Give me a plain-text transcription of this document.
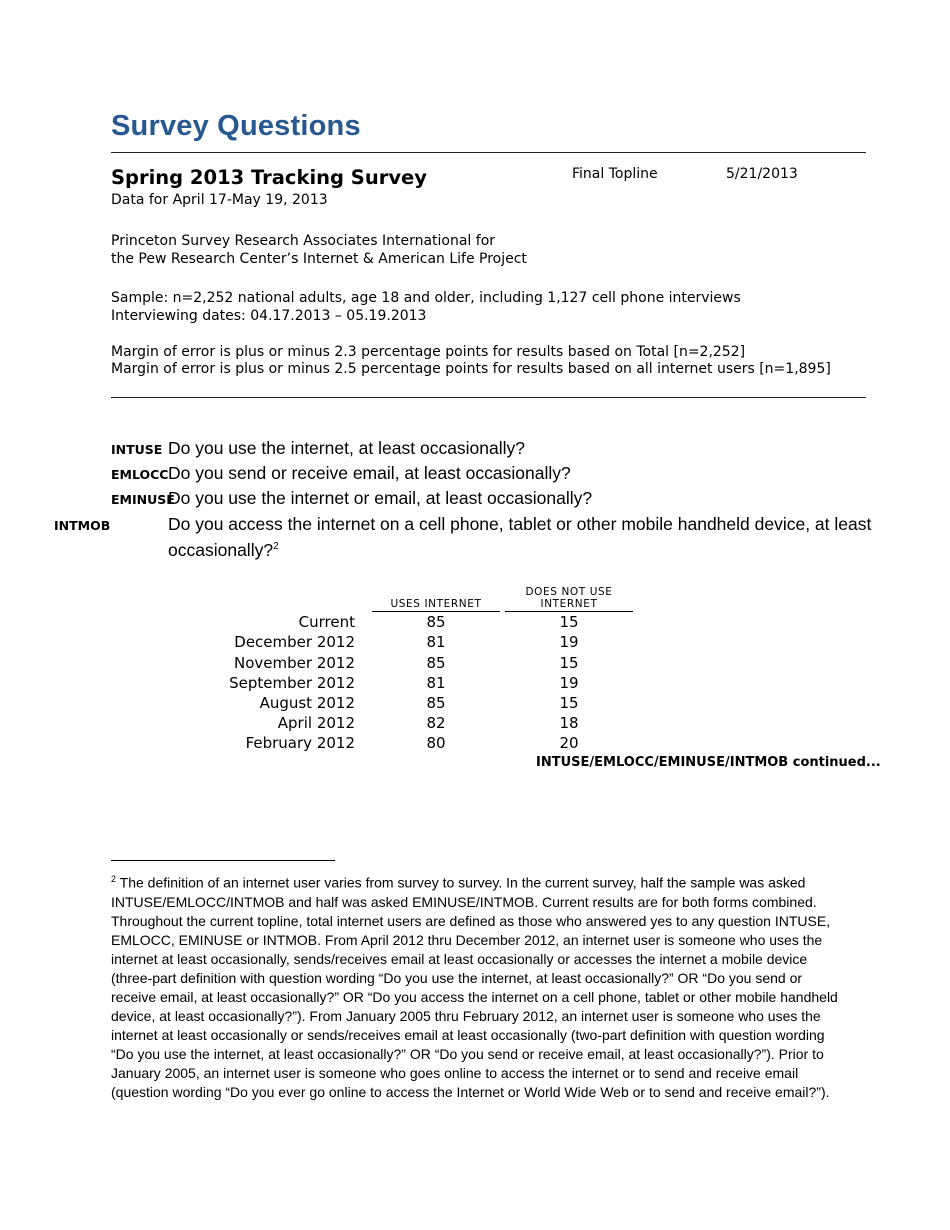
Survey Questions
Spring 2013 Tracking Survey	Final Topline	5/21/2013
Data for April 17-May 19, 2013
Princeton Survey Research Associates International for
the Pew Research Center’s Internet & American Life Project
Sample: n=2,252 national adults, age 18 and older, including 1,127 cell phone interviews
Interviewing dates: 04.17.2013 – 05.19.2013
Margin of error is plus or minus 2.3 percentage points for results based on Total [n=2,252]
Margin of error is plus or minus 2.5 percentage points for results based on all internet users [n=1,895]
INTUSE Do you use the internet, at least occasionally?
EMLOCCDo you send or receive email, at least occasionally?
EMINUSEDo you use the internet or email, at least occasionally?
INTMOB	Do you access the internet on a cell phone, tablet or other mobile handheld device, at least occasionally?$^2$
USES INTERNET
DOES NOT USE INTERNET
Current	85	15
December 2012	81	19
November 2012	85	15
September 2012	81	19
August 2012	85	15
April 2012	82	18
February 2012	80	20
INTUSE/EMLOCC/EMINUSE/INTMOB continued...

$^2$ The definition of an internet user varies from survey to survey. In the current survey, half the sample was asked INTUSE/EMLOCC/INTMOB and half was asked EMINUSE/INTMOB. Current results are for both forms combined. Throughout the current topline, total internet users are defined as those who answered yes to any question INTUSE, EMLOCC, EMINUSE or INTMOB. From April 2012 thru December 2012, an internet user is someone who uses the internet at least occasionally, sends/receives email at least occasionally or accesses the internet a mobile device (three-part definition with question wording “Do you use the internet, at least occasionally?” OR “Do you send or receive email, at least occasionally?” OR “Do you access the internet on a cell phone, tablet or other mobile handheld device, at least occasionally?”). From January 2005 thru February 2012, an internet user is someone who uses the internet at least occasionally or sends/receives email at least occasionally (two-part definition with question wording “Do you use the internet, at least occasionally?” OR “Do you send or receive email, at least occasionally?”). Prior to January 2005, an internet user is someone who goes online to access the internet or to send and receive email (question wording “Do you ever go online to access the Internet or World Wide Web or to send and receive email?”).
